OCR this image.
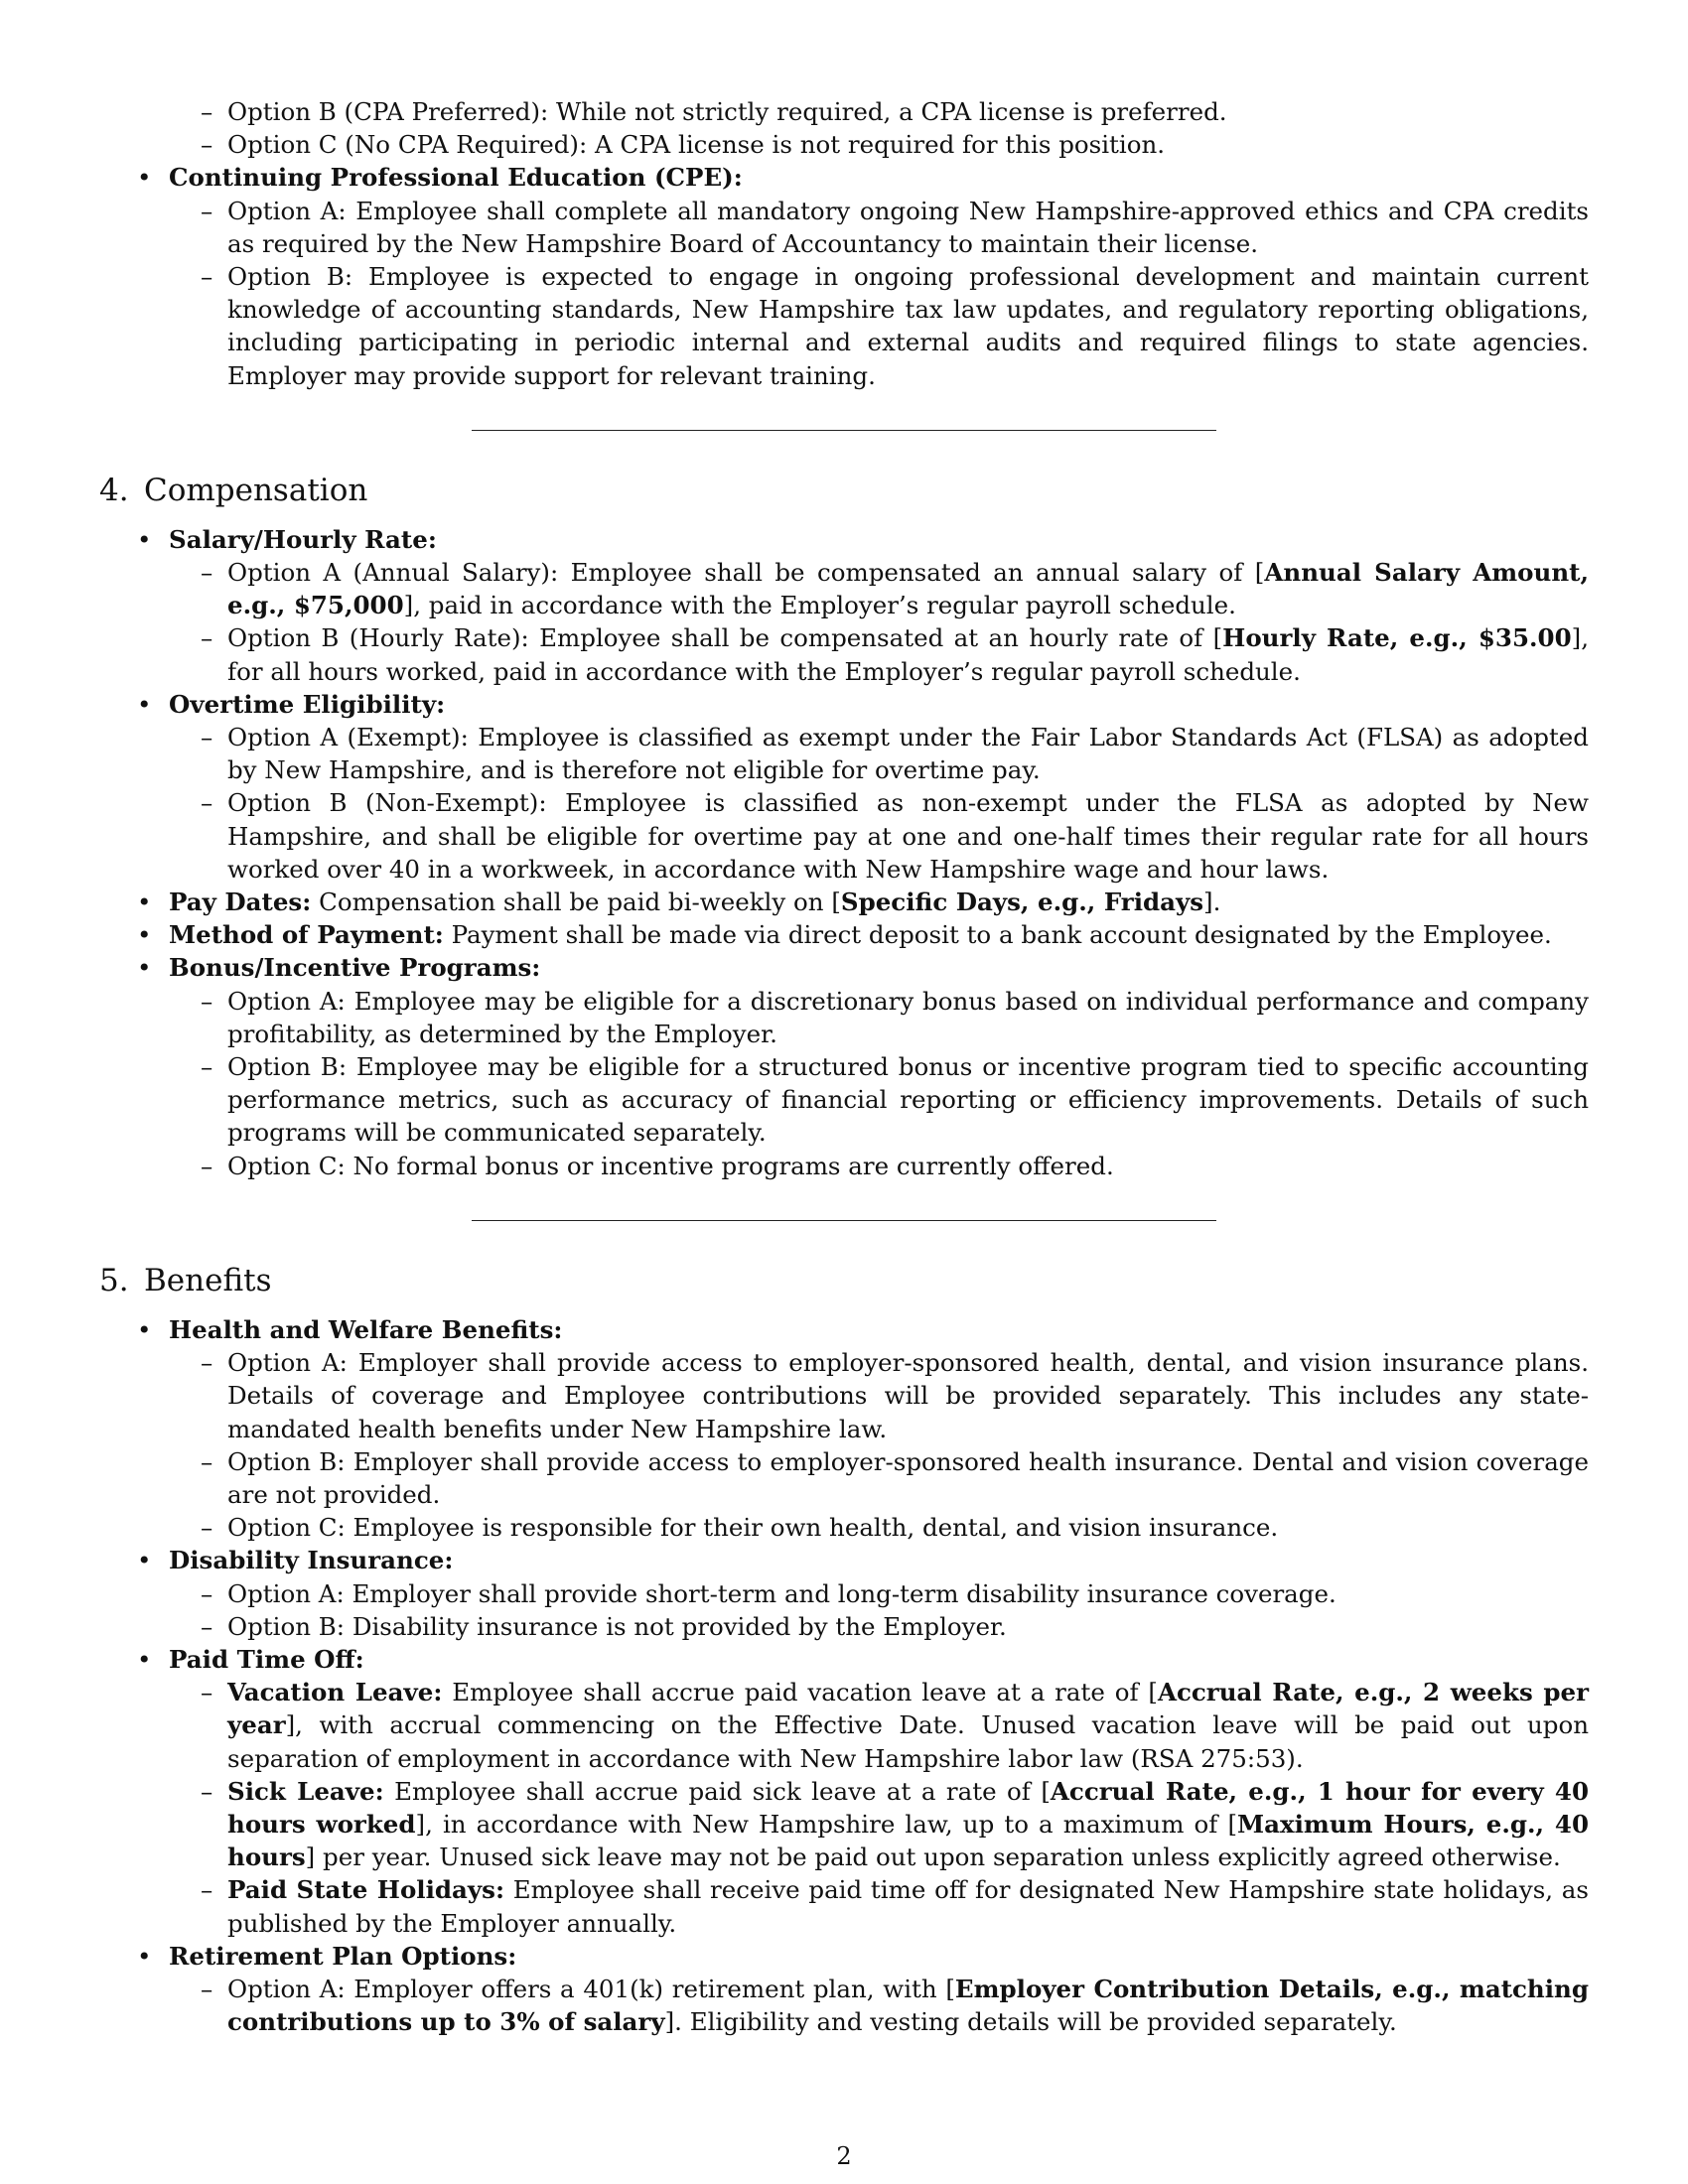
– Option B (CPA Preferred): While not strictly required, a CPA license is preferred.
– Option C (No CPA Required): A CPA license is not required for this position.
• Continuing Professional Education (CPE):
– Option A: Employee shall complete all mandatory ongoing New Hampshire-approved ethics and CPA credits as required by the New Hampshire Board of Accountancy to maintain their license.
– Option B: Employee is expected to engage in ongoing professional development and maintain current knowledge of accounting standards, New Hampshire tax law updates, and regulatory reporting obligations, including participating in periodic internal and external audits and required filings to state agencies. Employer may provide support for relevant training.
4. Compensation
• Salary/Hourly Rate:
– Option A (Annual Salary): Employee shall be compensated an annual salary of [Annual Salary Amount, e.g., $75,000], paid in accordance with the Employer’s regular payroll schedule.
– Option B (Hourly Rate): Employee shall be compensated at an hourly rate of [Hourly Rate, e.g., $35.00], for all hours worked, paid in accordance with the Employer’s regular payroll schedule.
• Overtime Eligibility:
– Option A (Exempt): Employee is classified as exempt under the Fair Labor Standards Act (FLSA) as adopted by New Hampshire, and is therefore not eligible for overtime pay.
– Option B (Non-Exempt): Employee is classified as non-exempt under the FLSA as adopted by New Hampshire, and shall be eligible for overtime pay at one and one-half times their regular rate for all hours worked over 40 in a workweek, in accordance with New Hampshire wage and hour laws.
• Pay Dates: Compensation shall be paid bi-weekly on [Specific Days, e.g., Fridays].
• Method of Payment: Payment shall be made via direct deposit to a bank account designated by the Employee.
• Bonus/Incentive Programs:
– Option A: Employee may be eligible for a discretionary bonus based on individual performance and company profitability, as determined by the Employer.
– Option B: Employee may be eligible for a structured bonus or incentive program tied to specific accounting performance metrics, such as accuracy of financial reporting or efficiency improvements. Details of such programs will be communicated separately.
– Option C: No formal bonus or incentive programs are currently offered.
5. Benefits
• Health and Welfare Benefits:
– Option A: Employer shall provide access to employer-sponsored health, dental, and vision insurance plans. Details of coverage and Employee contributions will be provided separately. This includes any state-mandated health benefits under New Hampshire law.
– Option B: Employer shall provide access to employer-sponsored health insurance. Dental and vision coverage are not provided.
– Option C: Employee is responsible for their own health, dental, and vision insurance.
• Disability Insurance:
– Option A: Employer shall provide short-term and long-term disability insurance coverage.
– Option B: Disability insurance is not provided by the Employer.
• Paid Time Off:
– Vacation Leave: Employee shall accrue paid vacation leave at a rate of [Accrual Rate, e.g., 2 weeks per year], with accrual commencing on the Effective Date. Unused vacation leave will be paid out upon separation of employment in accordance with New Hampshire labor law (RSA 275:53).
– Sick Leave: Employee shall accrue paid sick leave at a rate of [Accrual Rate, e.g., 1 hour for every 40 hours worked], in accordance with New Hampshire law, up to a maximum of [Maximum Hours, e.g., 40 hours] per year. Unused sick leave may not be paid out upon separation unless explicitly agreed otherwise.
– Paid State Holidays: Employee shall receive paid time off for designated New Hampshire state holidays, as published by the Employer annually.
• Retirement Plan Options:
– Option A: Employer offers a 401(k) retirement plan, with [Employer Contribution Details, e.g., matching contributions up to 3% of salary]. Eligibility and vesting details will be provided separately.
2
